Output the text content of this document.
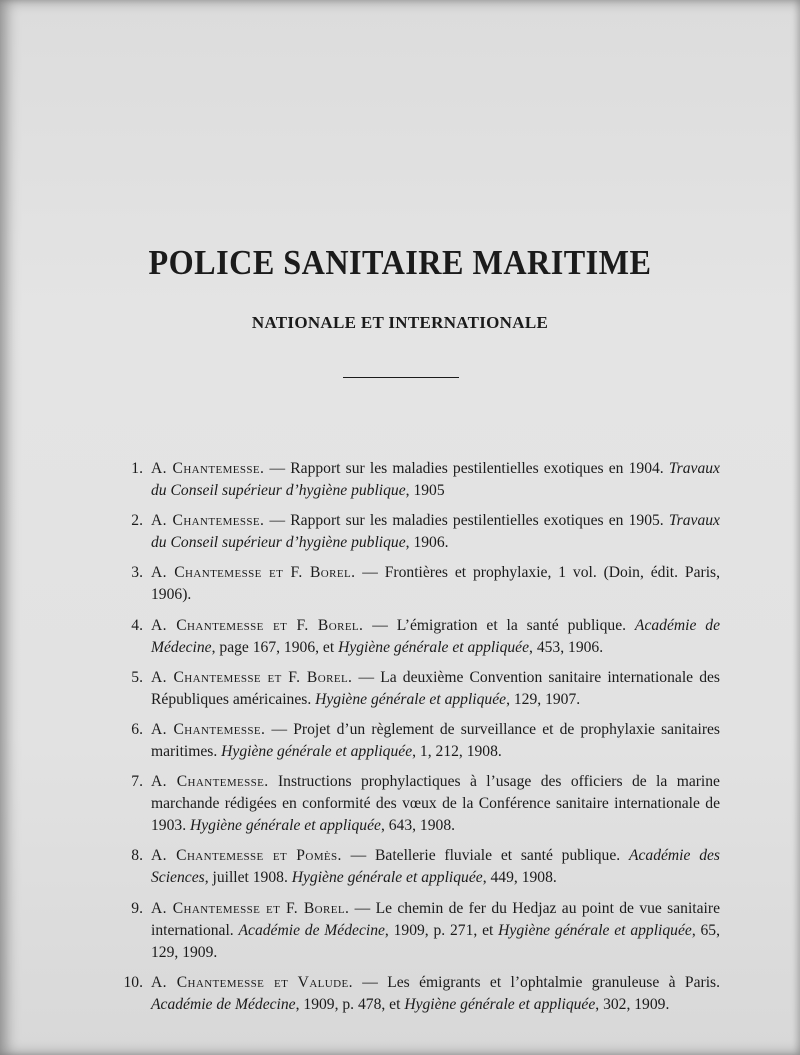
POLICE SANITAIRE MARITIME
NATIONALE ET INTERNATIONALE
1. A. Chantemesse. — Rapport sur les maladies pestilentielles exotiques en 1904. Travaux du Conseil supérieur d’hygiène publique, 1905
2. A. Chantemesse. — Rapport sur les maladies pestilentielles exotiques en 1905. Travaux du Conseil supérieur d’hygiène publique, 1906.
3. A. Chantemesse et F. Borel. — Frontières et prophylaxie, 1 vol. (Doin, édit. Paris, 1906).
4. A. Chantemesse et F. Borel. — L’émigration et la santé publique. Académie de Médecine, page 167, 1906, et Hygiène générale et appliquée, 453, 1906.
5. A. Chantemesse et F. Borel. — La deuxième Convention sanitaire internationale des Républiques américaines. Hygiène générale et appliquée, 129, 1907.
6. A. Chantemesse. — Projet d’un règlement de surveillance et de prophylaxie sanitaires maritimes. Hygiène générale et appliquée, 1, 212, 1908.
7. A. Chantemesse. Instructions prophylactiques à l’usage des officiers de la marine marchande rédigées en conformité des vœux de la Conférence sanitaire internationale de 1903. Hygiène générale et appliquée, 643, 1908.
8. A. Chantemesse et Pomès. — Batellerie fluviale et santé publique. Académie des Sciences, juillet 1908. Hygiène générale et appliquée, 449, 1908.
9. A. Chantemesse et F. Borel. — Le chemin de fer du Hedjaz au point de vue sanitaire international. Académie de Médecine, 1909, p. 271, et Hygiène générale et appliquée, 65, 129, 1909.
10. A. Chantemesse et Valude. — Les émigrants et l’ophtalmie granuleuse à Paris. Académie de Médecine, 1909, p. 478, et Hygiène générale et appliquée, 302, 1909.
